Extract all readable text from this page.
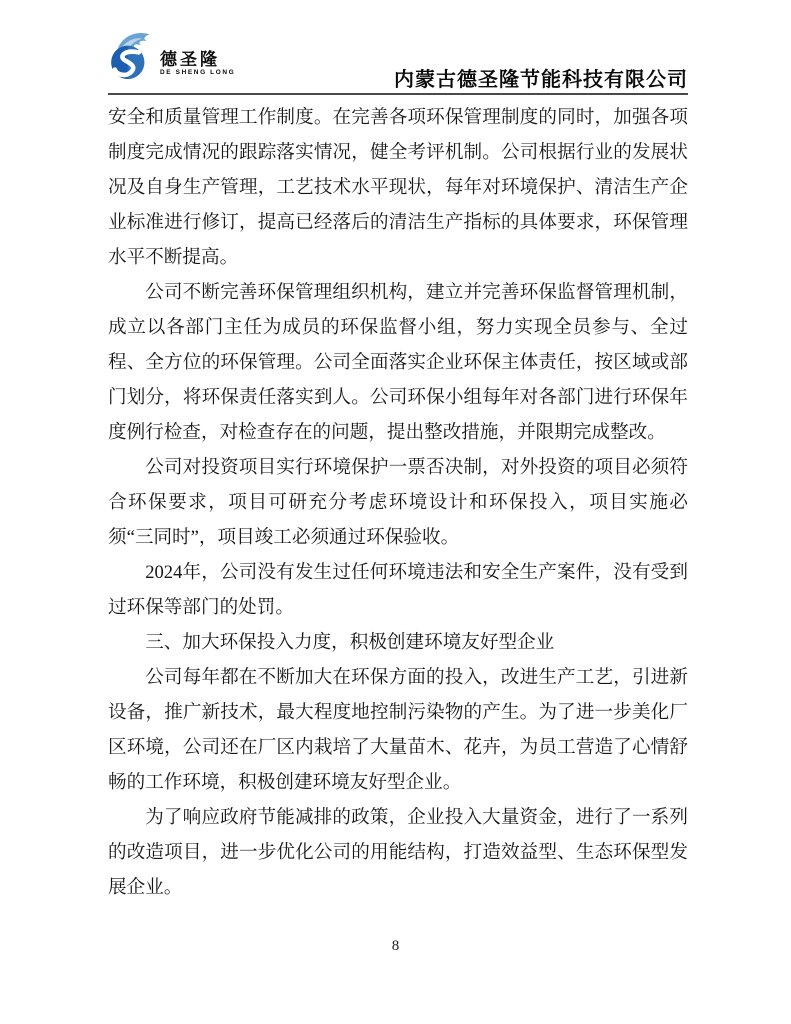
德圣隆
DE SHENG LONG	内蒙古德圣隆节能科技有限公司

安全和质量管理工作制度。在完善各项环保管理制度的同时，加强各项制度完成情况的跟踪落实情况，健全考评机制。公司根据行业的发展状况及自身生产管理，工艺技术水平现状，每年对环境保护、清洁生产企业标准进行修订，提高已经落后的清洁生产指标的具体要求，环保管理水平不断提高。

公司不断完善环保管理组织机构，建立并完善环保监督管理机制，成立以各部门主任为成员的环保监督小组，努力实现全员参与、全过程、全方位的环保管理。公司全面落实企业环保主体责任，按区域或部门划分，将环保责任落实到人。公司环保小组每年对各部门进行环保年度例行检查，对检查存在的问题，提出整改措施，并限期完成整改。

公司对投资项目实行环境保护一票否决制，对外投资的项目必须符合环保要求，项目可研充分考虑环境设计和环保投入，项目实施必须“三同时”，项目竣工必须通过环保验收。

2024年，公司没有发生过任何环境违法和安全生产案件，没有受到过环保等部门的处罚。

三、加大环保投入力度，积极创建环境友好型企业

公司每年都在不断加大在环保方面的投入，改进生产工艺，引进新设备，推广新技术，最大程度地控制污染物的产生。为了进一步美化厂区环境，公司还在厂区内栽培了大量苗木、花卉，为员工营造了心情舒畅的工作环境，积极创建环境友好型企业。

为了响应政府节能减排的政策，企业投入大量资金，进行了一系列的改造项目，进一步优化公司的用能结构，打造效益型、生态环保型发展企业。

8
